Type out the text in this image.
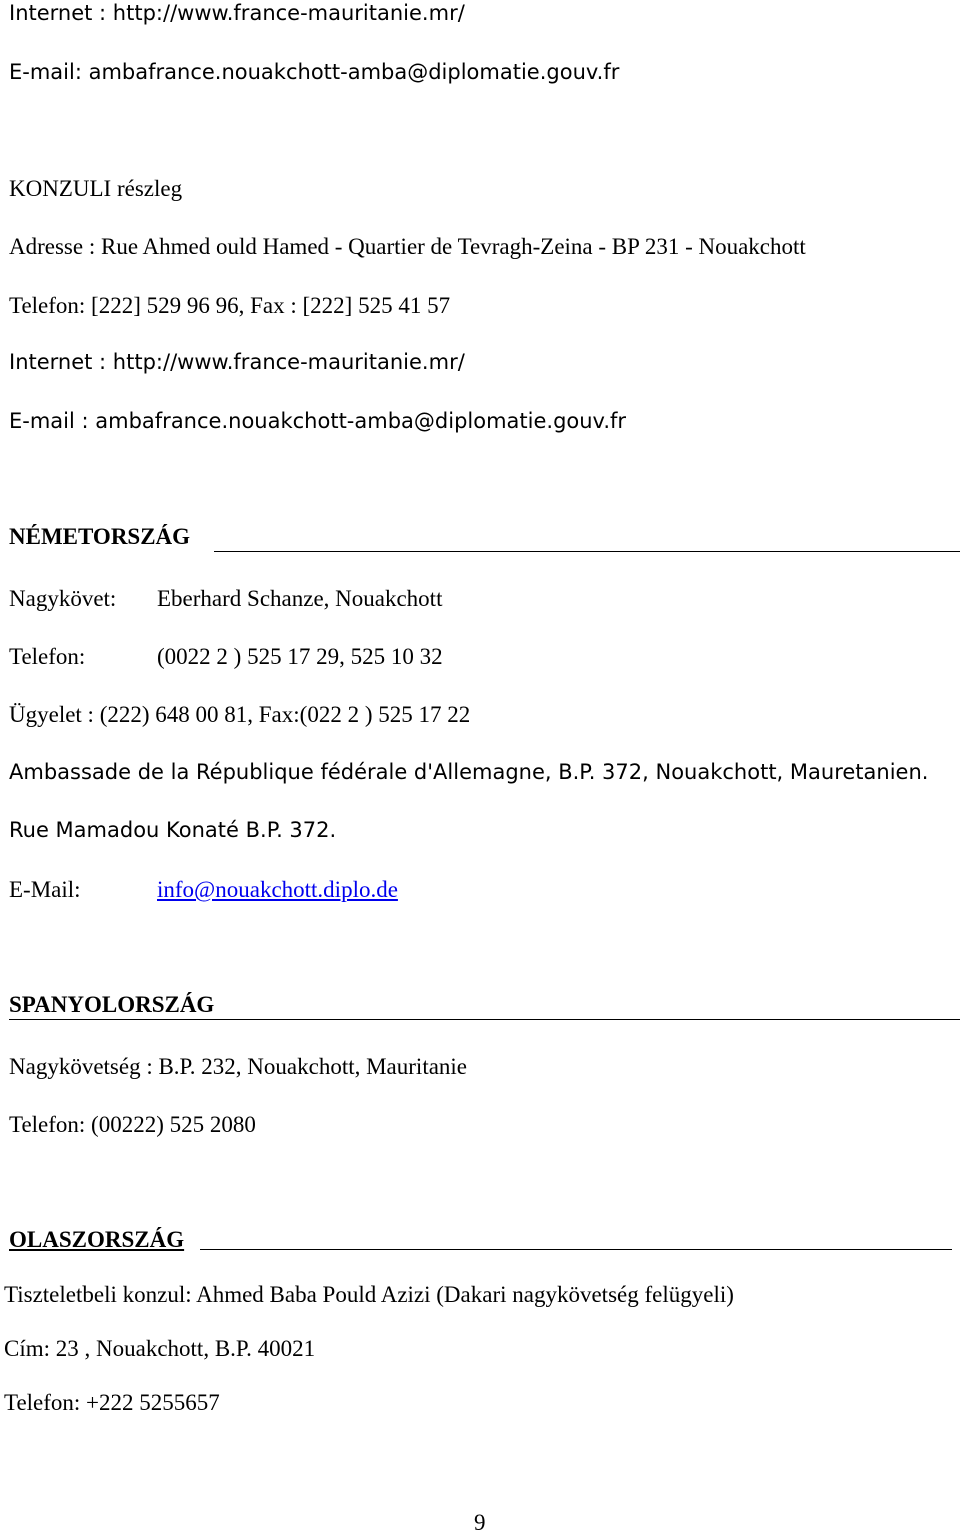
Internet : http://www.france-mauritanie.mr/
E-mail: ambafrance.nouakchott-amba@diplomatie.gouv.fr
KONZULI részleg
Adresse : Rue Ahmed ould Hamed - Quartier de Tevragh-Zeina - BP 231 - Nouakchott
Telefon: [222] 529 96 96, Fax : [222] 525 41 57
Internet : http://www.france-mauritanie.mr/
E-mail : ambafrance.nouakchott-amba@diplomatie.gouv.fr
NÉMETORSZÁG
Nagykövet: Eberhard Schanze, Nouakchott
Telefon:	(0022 2 ) 525 17 29, 525 10 32
Ügyelet : (222) 648 00 81, Fax:(022 2 ) 525 17 22
Ambassade de la République fédérale d'Allemagne, B.P. 372, Nouakchott, Mauretanien.
Rue Mamadou Konaté B.P. 372.
E-Mail:	info@nouakchott.diplo.de
SPANYOLORSZÁG
Nagykövetség : B.P. 232, Nouakchott, Mauritanie
Telefon: (00222) 525 2080
OLASZORSZÁG
Tiszteletbeli konzul: Ahmed Baba Pould Azizi (Dakari nagykövetség felügyeli)
Cím: 23 , Nouakchott, B.P. 40021
Telefon: +222 5255657
9
